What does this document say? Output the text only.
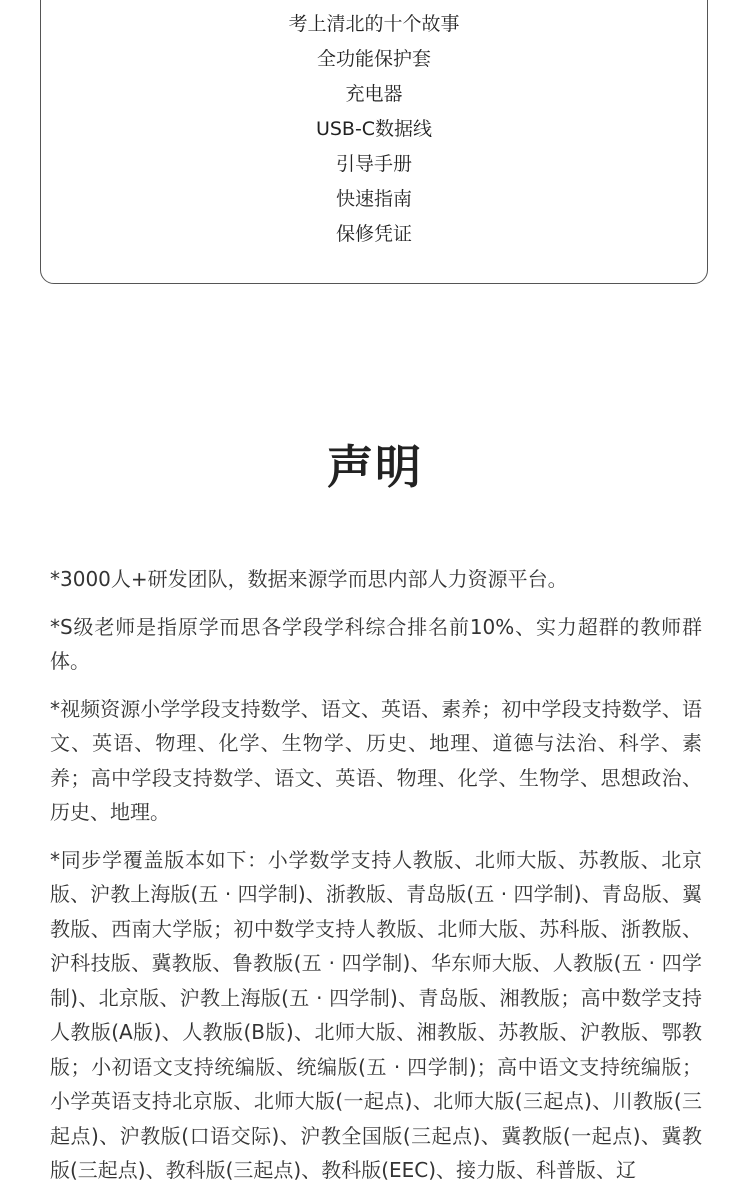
考上清北的十个故事
全功能保护套
充电器
USB-C数据线
引导手册
快速指南
保修凭证
声明

*3000人+研发团队，数据来源学而思内部人力资源平台。

*S级老师是指原学而思各学段学科综合排名前10%、实力超群的教师群体。

*视频资源小学学段支持数学、语文、英语、素养；初中学段支持数学、语文、英语、物理、化学、生物学、历史、地理、道德与法治、科学、素养；高中学段支持数学、语文、英语、物理、化学、生物学、思想政治、历史、地理。

*同步学覆盖版本如下：小学数学支持人教版、北师大版、苏教版、北京版、沪教上海版(五 · 四学制)、浙教版、青岛版(五 · 四学制)、青岛版、翼教版、西南大学版；初中数学支持人教版、北师大版、苏科版、浙教版、沪科技版、冀教版、鲁教版(五 · 四学制)、华东师大版、人教版(五 · 四学制)、北京版、沪教上海版(五 · 四学制)、青岛版、湘教版；高中数学支持人教版(A版)、人教版(B版)、北师大版、湘教版、苏教版、沪教版、鄂教版；小初语文支持统编版、统编版(五 · 四学制)；高中语文支持统编版；小学英语支持北京版、北师大版(一起点)、北师大版(三起点)、川教版(三起点)、沪教版(口语交际)、沪教全国版(三起点)、冀教版(一起点)、冀教版(三起点)、教科版(三起点)、教科版(EEC)、接力版、科普版、辽
